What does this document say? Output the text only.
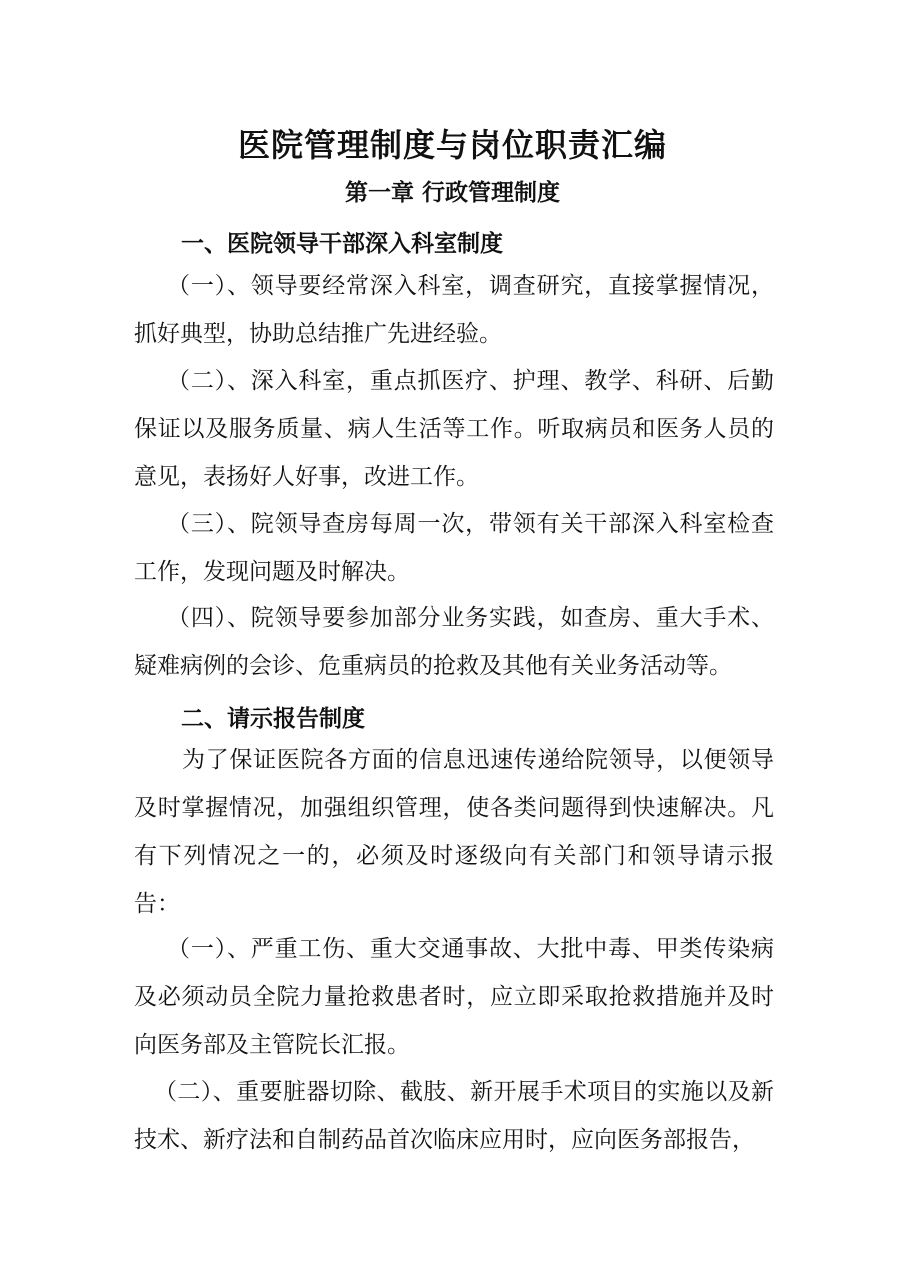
医院管理制度与岗位职责汇编
第一章 行政管理制度
一、医院领导干部深入科室制度

（一）、领导要经常深入科室，调查研究，直接掌握情况，抓好典型，协助总结推广先进经验。

（二）、深入科室，重点抓医疗、护理、教学、科研、后勤保证以及服务质量、病人生活等工作。听取病员和医务人员的意见，表扬好人好事，改进工作。

（三）、院领导查房每周一次，带领有关干部深入科室检查工作，发现问题及时解决。

（四）、院领导要参加部分业务实践，如查房、重大手术、疑难病例的会诊、危重病员的抢救及其他有关业务活动等。

二、请示报告制度

为了保证医院各方面的信息迅速传递给院领导，以便领导及时掌握情况，加强组织管理，使各类问题得到快速解决。凡有下列情况之一的，必须及时逐级向有关部门和领导请示报告：

（一）、严重工伤、重大交通事故、大批中毒、甲类传染病及必须动员全院力量抢救患者时，应立即采取抢救措施并及时向医务部及主管院长汇报。

（二）、重要脏器切除、截肢、新开展手术项目的实施以及新技术、新疗法和自制药品首次临床应用时，应向医务部报告，
